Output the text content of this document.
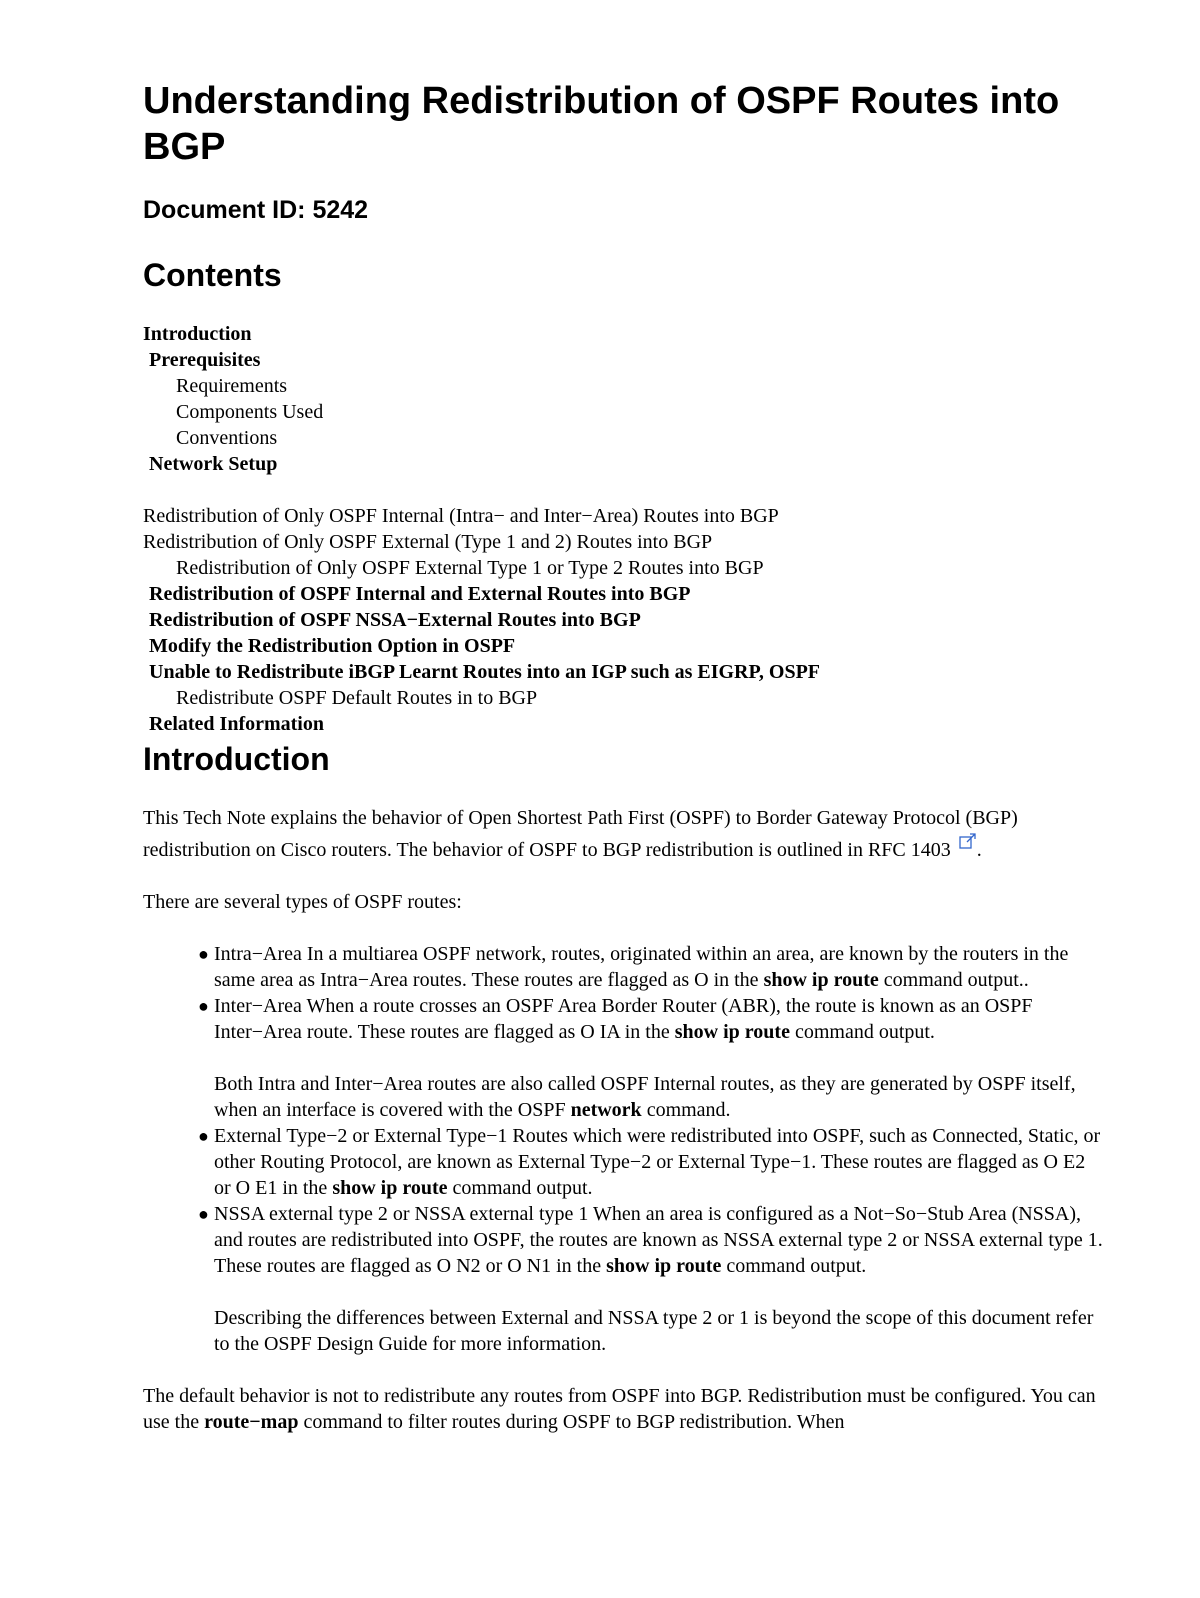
Understanding Redistribution of OSPF Routes into BGP
Document ID: 5242
Contents
Introduction
Prerequisites
Requirements
Components Used
Conventions
Network Setup
Redistribution of Only OSPF Internal (Intra− and Inter−Area) Routes into BGP
Redistribution of Only OSPF External (Type 1 and 2) Routes into BGP
Redistribution of Only OSPF External Type 1 or Type 2 Routes into BGP
Redistribution of OSPF Internal and External Routes into BGP
Redistribution of OSPF NSSA−External Routes into BGP
Modify the Redistribution Option in OSPF
Unable to Redistribute iBGP Learnt Routes into an IGP such as EIGRP, OSPF
Redistribute OSPF Default Routes in to BGP
Related Information
Introduction

This Tech Note explains the behavior of Open Shortest Path First (OSPF) to Border Gateway Protocol (BGP) redistribution on Cisco routers. The behavior of OSPF to BGP redistribution is outlined in RFC 1403 .

There are several types of OSPF routes:

● Intra−Area In a multiarea OSPF network, routes, originated within an area, are known by the routers in the same area as Intra−Area routes. These routes are flagged as O in the show ip route command output..
● Inter−Area When a route crosses an OSPF Area Border Router (ABR), the route is known as an OSPF Inter−Area route. These routes are flagged as O IA in the show ip route command output.
Both Intra and Inter−Area routes are also called OSPF Internal routes, as they are generated by OSPF itself, when an interface is covered with the OSPF network command.
● External Type−2 or External Type−1 Routes which were redistributed into OSPF, such as Connected, Static, or other Routing Protocol, are known as External Type−2 or External Type−1. These routes are flagged as O E2 or O E1 in the show ip route command output.
● NSSA external type 2 or NSSA external type 1 When an area is configured as a Not−So−Stub Area (NSSA), and routes are redistributed into OSPF, the routes are known as NSSA external type 2 or NSSA external type 1. These routes are flagged as O N2 or O N1 in the show ip route command output.
Describing the differences between External and NSSA type 2 or 1 is beyond the scope of this document refer to the OSPF Design Guide for more information.

The default behavior is not to redistribute any routes from OSPF into BGP. Redistribution must be configured. You can use the route−map command to filter routes during OSPF to BGP redistribution. When
